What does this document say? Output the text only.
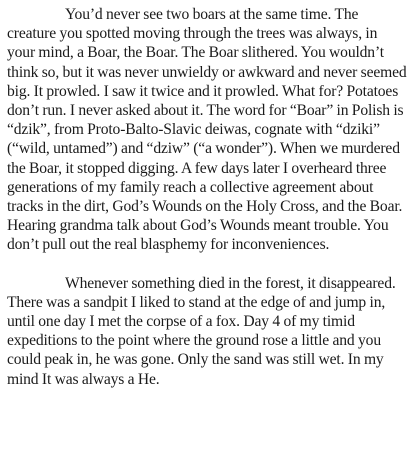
You’d never see two boars at the same time. The creature you spotted moving through the trees was always, in your mind, a Boar, the Boar. The Boar slithered. You wouldn’t think so, but it was never unwieldy or awkward and never seemed big. It prowled. I saw it twice and it prowled. What for? Potatoes don’t run. I never asked about it. The word for “Boar” in Polish is “dzik”, from Proto-Balto-Slavic deiwas, cognate with “dziki” (“wild, untamed”) and “dziw” (“a wonder”). When we murdered the Boar, it stopped digging. A few days later I overheard three generations of my family reach a collective agreement about tracks in the dirt, God’s Wounds on the Holy Cross, and the Boar. Hearing grandma talk about God’s Wounds meant trouble. You don’t pull out the real blasphemy for inconveniences.

Whenever something died in the forest, it disappeared. There was a sandpit I liked to stand at the edge of and jump in, until one day I met the corpse of a fox. Day 4 of my timid expeditions to the point where the ground rose a little and you could peak in, he was gone. Only the sand was still wet. In my mind It was always a He.
